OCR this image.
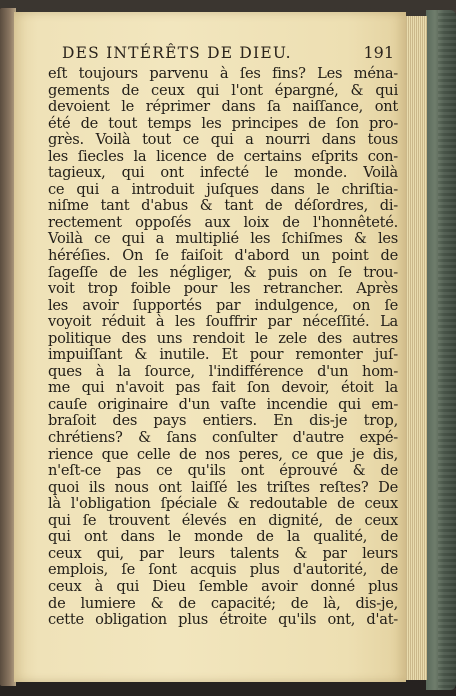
DES INTÉRÊTS DE DIEU.	191
eſt toujours parvenu à ſes fins? Les ména-
gements de ceux qui l'ont épargné, & qui
devoient le réprimer dans ſa naiſſance, ont
été de tout temps les principes de ſon pro-
grès. Voilà tout ce qui a nourri dans tous
les ſiecles la licence de certains eſprits con-
tagieux, qui ont infecté le monde. Voilà
ce qui a introduit juſques dans le chriſtia-
niſme tant d'abus & tant de déſordres, di-
rectement oppoſés aux loix de l'honnêteté.
Voilà ce qui a multiplié les ſchiſmes & les
héréſies. On ſe faiſoit d'abord un point de
ſageſſe de les négliger, & puis on ſe trou-
voit trop foible pour les retrancher. Après
les avoir ſupportés par indulgence, on ſe
voyoit réduit à les ſouffrir par néceſſité. La
politique des uns rendoit le zele des autres
impuiſſant & inutile. Et pour remonter juſ-
ques à la ſource, l'indifférence d'un hom-
me qui n'avoit pas fait ſon devoir, étoit la
cauſe originaire d'un vaſte incendie qui em-
braſoit des pays entiers. En dis-je trop,
chrétiens? & ſans conſulter d'autre expé-
rience que celle de nos peres, ce que je dis,
n'eſt-ce pas ce qu'ils ont éprouvé & de
quoi ils nous ont laiſſé les triſtes reſtes? De
là l'obligation ſpéciale & redoutable de ceux
qui ſe trouvent élevés en dignité, de ceux
qui ont dans le monde de la qualité, de
ceux qui, par leurs talents & par leurs
emplois, ſe ſont acquis plus d'autorité, de
ceux à qui Dieu ſemble avoir donné plus
de lumiere & de capacité; de là, dis-je,
cette obligation plus étroite qu'ils ont, d'at-
